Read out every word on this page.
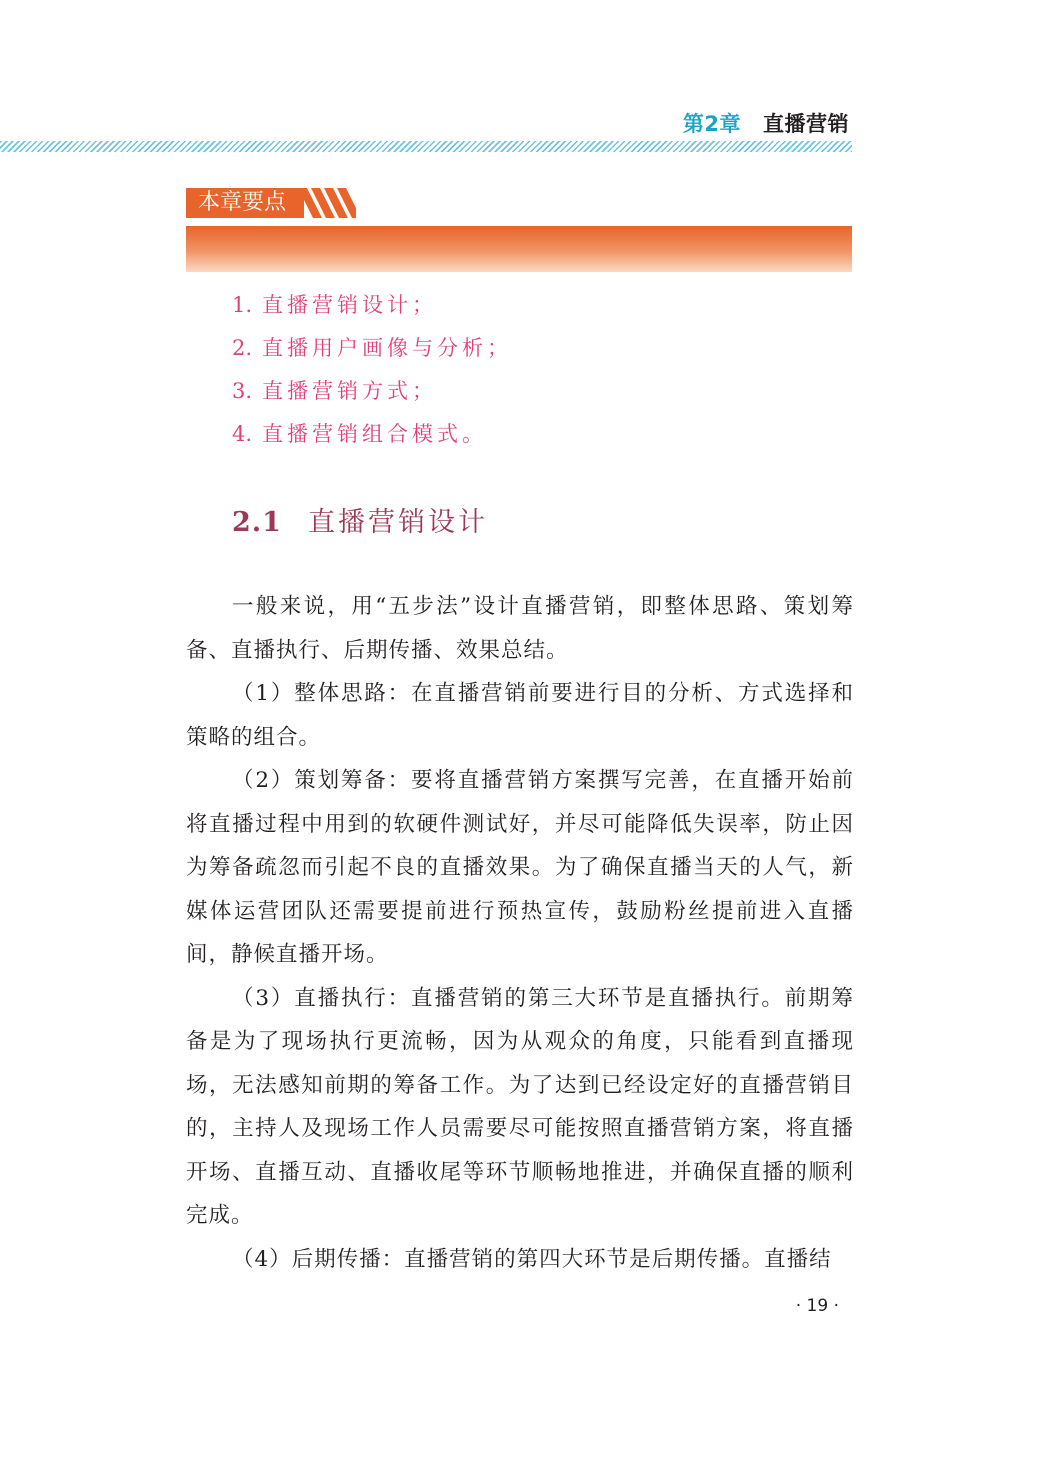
第2章 直播营销
本章要点
1. 直播营销设计；
2. 直播用户画像与分析；
3. 直播营销方式；
4. 直播营销组合模式。
2.1 直播营销设计

一般来说，用“五步法”设计直播营销，即整体思路、策划筹备、直播执行、后期传播、效果总结。

（1）整体思路：在直播营销前要进行目的分析、方式选择和策略的组合。

（2）策划筹备：要将直播营销方案撰写完善，在直播开始前将直播过程中用到的软硬件测试好，并尽可能降低失误率，防止因为筹备疏忽而引起不良的直播效果。为了确保直播当天的人气，新媒体运营团队还需要提前进行预热宣传，鼓励粉丝提前进入直播间，静候直播开场。

（3）直播执行：直播营销的第三大环节是直播执行。前期筹备是为了现场执行更流畅，因为从观众的角度，只能看到直播现场，无法感知前期的筹备工作。为了达到已经设定好的直播营销目的，主持人及现场工作人员需要尽可能按照直播营销方案，将直播开场、直播互动、直播收尾等环节顺畅地推进，并确保直播的顺利完成。

（4）后期传播：直播营销的第四大环节是后期传播。直播结

· 19 ·
